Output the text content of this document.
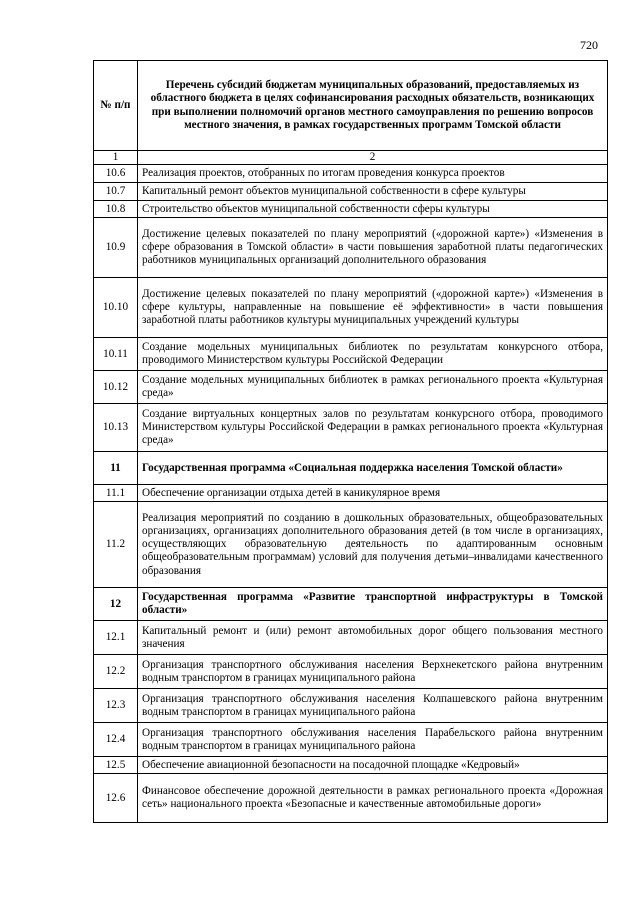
720
№ п/п	Перечень субсидий бюджетам муниципальных образований, предоставляемых из областного бюджета в целях софинансирования расходных обязательств, возникающих при выполнении полномочий органов местного самоуправления по решению вопросов местного значения, в рамках государственных программ Томской области
1	2
10.6	Реализация проектов, отобранных по итогам проведения конкурса проектов
10.7	Капитальный ремонт объектов муниципальной собственности в сфере культуры
10.8	Строительство объектов муниципальной собственности сферы культуры
10.9	Достижение целевых показателей по плану мероприятий («дорожной карте») «Изменения в сфере образования в Томской области» в части повышения заработной платы педагогических работников муниципальных организаций дополнительного образования
10.10	Достижение целевых показателей по плану мероприятий («дорожной карте») «Изменения в сфере культуры, направленные на повышение её эффективности» в части повышения заработной платы работников культуры муниципальных учреждений культуры
10.11	Создание модельных муниципальных библиотек по результатам конкурсного отбора, проводимого Министерством культуры Российской Федерации
10.12	Создание модельных муниципальных библиотек в рамках регионального проекта «Культурная среда»
10.13	Создание виртуальных концертных залов по результатам конкурсного отбора, проводимого Министерством культуры Российской Федерации в рамках регионального проекта «Культурная среда»
11	Государственная программа «Социальная поддержка населения Томской области»
11.1	Обеспечение организации отдыха детей в каникулярное время
11.2	Реализация мероприятий по созданию в дошкольных образовательных, общеобразовательных организациях, организациях дополнительного образования детей (в том числе в организациях, осуществляющих образовательную деятельность по адаптированным основным общеобразовательным программам) условий для получения детьми–инвалидами качественного образования
12	Государственная программа «Развитие транспортной инфраструктуры в Томской области»
12.1	Капитальный ремонт и (или) ремонт автомобильных дорог общего пользования местного значения
12.2	Организация транспортного обслуживания населения Верхнекетского района внутренним водным транспортом в границах муниципального района
12.3	Организация транспортного обслуживания населения Колпашевского района внутренним водным транспортом в границах муниципального района
12.4	Организация транспортного обслуживания населения Парабельского района внутренним водным транспортом в границах муниципального района
12.5	Обеспечение авиационной безопасности на посадочной площадке «Кедровый»
12.6	Финансовое обеспечение дорожной деятельности в рамках регионального проекта «Дорожная сеть» национального проекта «Безопасные и качественные автомобильные дороги»
